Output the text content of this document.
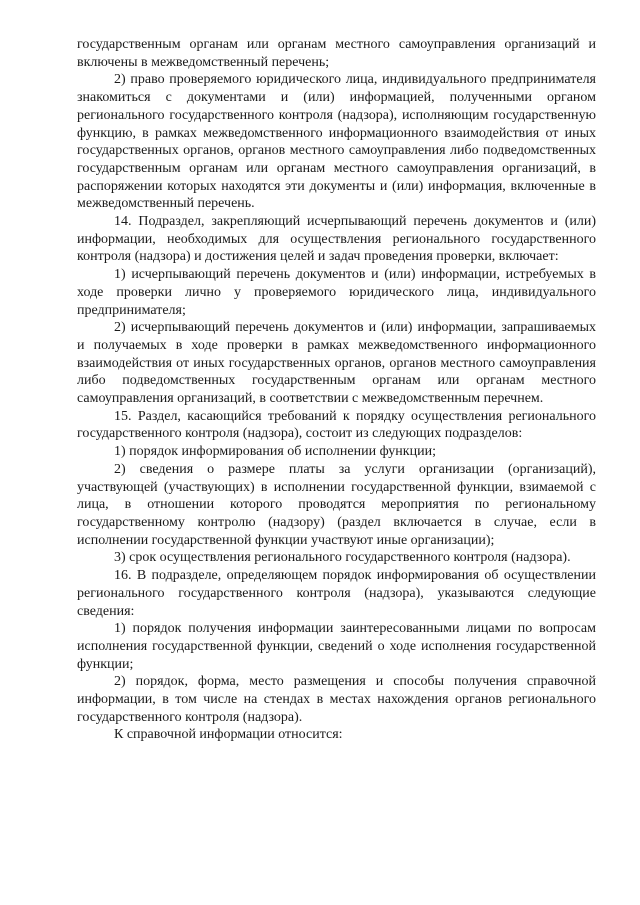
государственным органам или органам местного самоуправления организаций и включены в межведомственный перечень;

2) право проверяемого юридического лица, индивидуального предпринимателя знакомиться с документами и (или) информацией, полученными органом регионального государственного контроля (надзора), исполняющим государственную функцию, в рамках межведомственного информационного взаимодействия от иных государственных органов, органов местного самоуправления либо подведомственных государственным органам или органам местного самоуправления организаций, в распоряжении которых находятся эти документы и (или) информация, включенные в межведомственный перечень.

14. Подраздел, закрепляющий исчерпывающий перечень документов и (или) информации, необходимых для осуществления регионального государственного контроля (надзора) и достижения целей и задач проведения проверки, включает:

1) исчерпывающий перечень документов и (или) информации, истребуемых в ходе проверки лично у проверяемого юридического лица, индивидуального предпринимателя;

2) исчерпывающий перечень документов и (или) информации, запрашиваемых и получаемых в ходе проверки в рамках межведомственного информационного взаимодействия от иных государственных органов, органов местного самоуправления либо подведомственных государственным органам или органам местного самоуправления организаций, в соответствии с межведомственным перечнем.

15. Раздел, касающийся требований к порядку осуществления регионального государственного контроля (надзора), состоит из следующих подразделов:

1) порядок информирования об исполнении функции;

2) сведения о размере платы за услуги организации (организаций), участвующей (участвующих) в исполнении государственной функции, взимаемой с лица, в отношении которого проводятся мероприятия по региональному государственному контролю (надзору) (раздел включается в случае, если в исполнении государственной функции участвуют иные организации);

3) срок осуществления регионального государственного контроля (надзора).

16. В подразделе, определяющем порядок информирования об осуществлении регионального государственного контроля (надзора), указываются следующие сведения:

1) порядок получения информации заинтересованными лицами по вопросам исполнения государственной функции, сведений о ходе исполнения государственной функции;

2) порядок, форма, место размещения и способы получения справочной информации, в том числе на стендах в местах нахождения органов регионального государственного контроля (надзора).

К справочной информации относится:
